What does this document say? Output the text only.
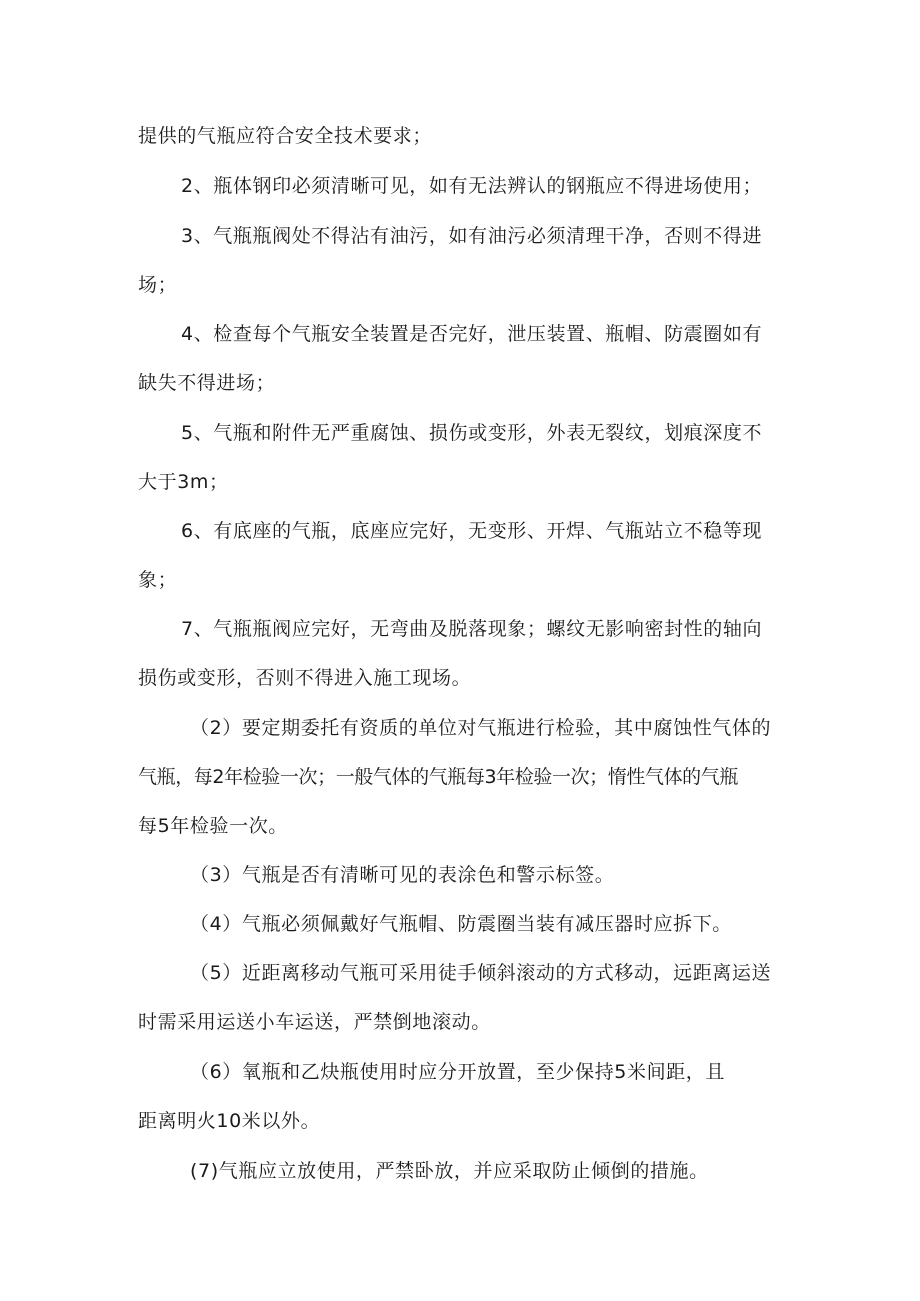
提供的气瓶应符合安全技术要求；

2、瓶体钢印必须清晰可见，如有无法辨认的钢瓶应不得进场使用；

3、气瓶瓶阀处不得沾有油污，如有油污必须清理干净，否则不得进

场；

4、检查每个气瓶安全装置是否完好，泄压装置、瓶帽、防震圈如有

缺失不得进场；

5、气瓶和附件无严重腐蚀、损伤或变形，外表无裂纹，划痕深度不

大于3m；

6、有底座的气瓶，底座应完好，无变形、开焊、气瓶站立不稳等现

象；

7、气瓶瓶阀应完好，无弯曲及脱落现象；螺纹无影响密封性的轴向

损伤或变形，否则不得进入施工现场。

（2）要定期委托有资质的单位对气瓶进行检验，其中腐蚀性气体的

气瓶，每2年检验一次；一般气体的气瓶每3年检验一次；惰性气体的气瓶

每5年检验一次。

（3）气瓶是否有清晰可见的表涂色和警示标签。

（4）气瓶必须佩戴好气瓶帽、防震圈当装有减压器时应拆下。

（5）近距离移动气瓶可采用徒手倾斜滚动的方式移动，远距离运送

时需采用运送小车运送，严禁倒地滚动。

（6）氧瓶和乙炔瓶使用时应分开放置，至少保持5米间距，且

距离明火10米以外。

(7)气瓶应立放使用，严禁卧放，并应采取防止倾倒的措施。
